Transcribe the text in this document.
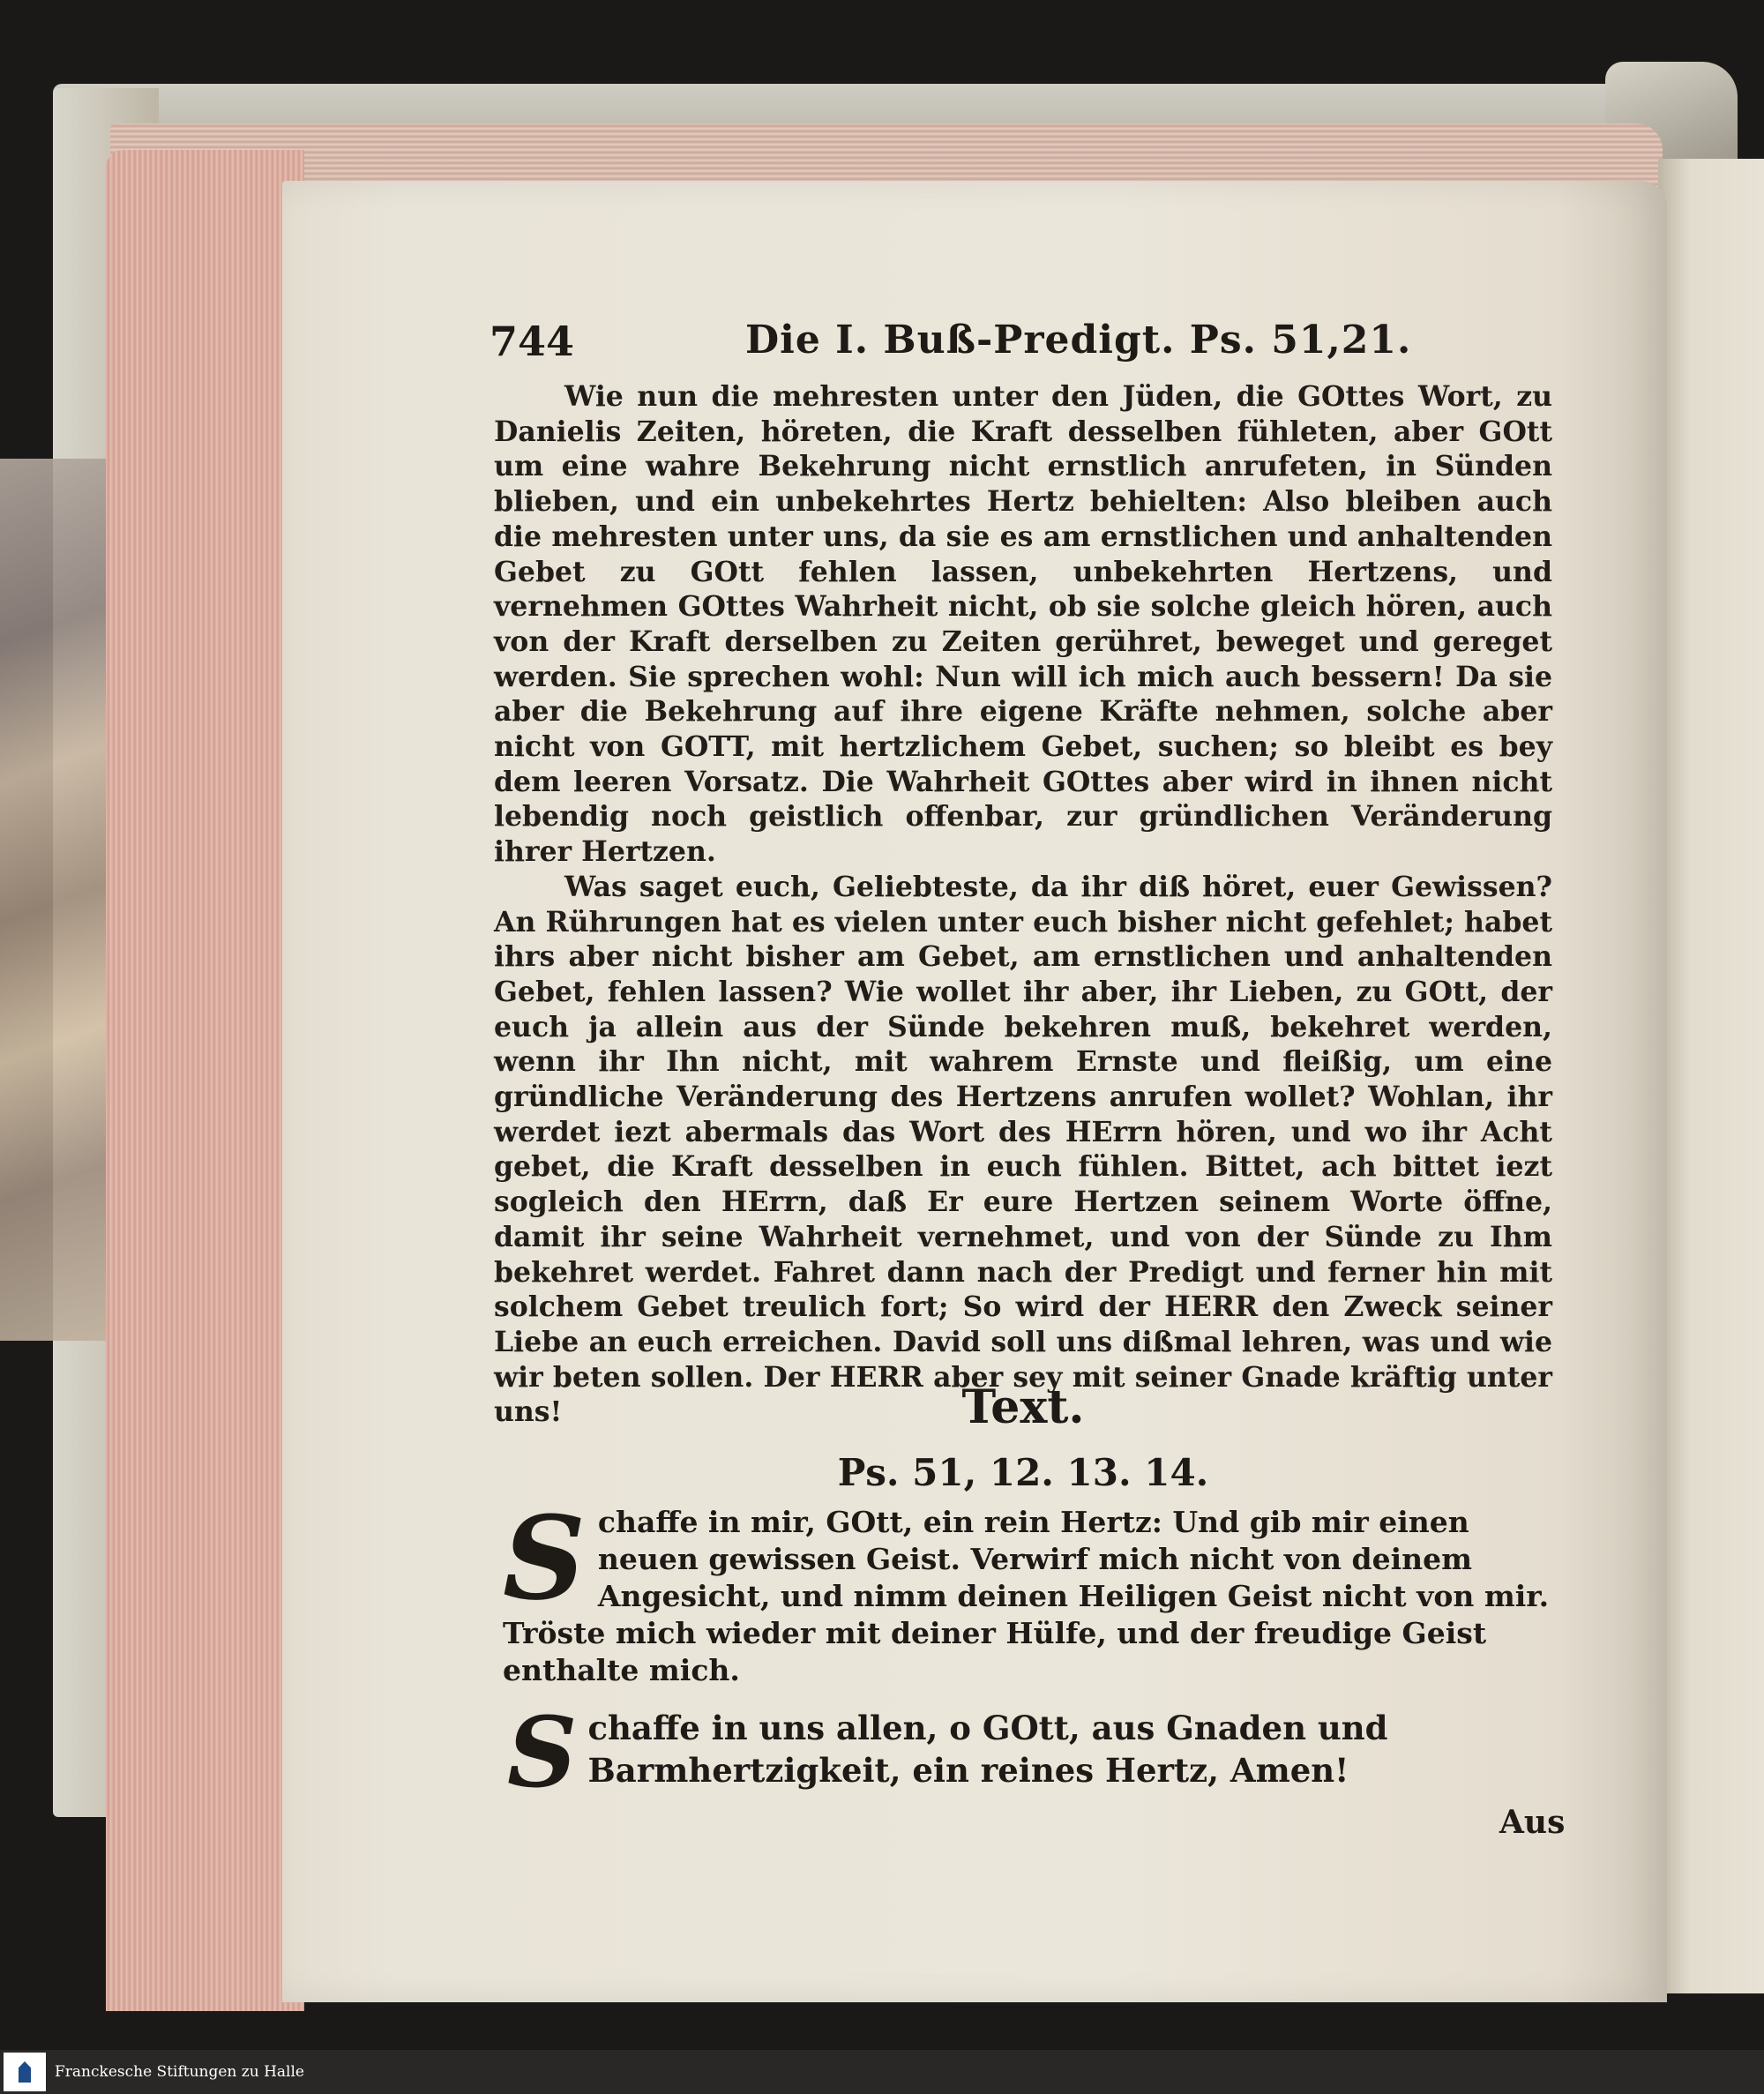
744	Die I. Buß-Predigt. Ps. 51,21.

Wie nun die mehresten unter den Jüden, die GOttes Wort, zu Danielis Zeiten, höreten, die Kraft desselben fühleten, aber GOtt um eine wahre Bekehrung nicht ernstlich anrufeten, in Sünden blieben, und ein unbekehrtes Hertz behielten: Also bleiben auch die mehresten unter uns, da sie es am ernstlichen und anhaltenden Gebet zu GOtt fehlen lassen, unbekehrten Hertzens, und vernehmen GOttes Wahrheit nicht, ob sie solche gleich hören, auch von der Kraft derselben zu Zeiten gerühret, beweget und gereget werden. Sie sprechen wohl: Nun will ich mich auch bessern! Da sie aber die Bekehrung auf ihre eigene Kräfte nehmen, solche aber nicht von GOTT, mit hertzlichem Gebet, suchen; so bleibt es bey dem leeren Vorsatz. Die Wahrheit GOttes aber wird in ihnen nicht lebendig noch geistlich offenbar, zur gründlichen Veränderung ihrer Hertzen.

Was saget euch, Geliebteste, da ihr diß höret, euer Gewissen? An Rührungen hat es vielen unter euch bisher nicht gefehlet; habet ihrs aber nicht bisher am Gebet, am ernstlichen und anhaltenden Gebet, fehlen lassen? Wie wollet ihr aber, ihr Lieben, zu GOtt, der euch ja allein aus der Sünde bekehren muß, bekehret werden, wenn ihr Ihn nicht, mit wahrem Ernste und fleißig, um eine gründliche Veränderung des Hertzens anrufen wollet? Wohlan, ihr werdet iezt abermals das Wort des HErrn hören, und wo ihr Acht gebet, die Kraft desselben in euch fühlen. Bittet, ach bittet iezt sogleich den HErrn, daß Er eure Hertzen seinem Worte öffne, damit ihr seine Wahrheit vernehmet, und von der Sünde zu Ihm bekehret werdet. Fahret dann nach der Predigt und ferner hin mit solchem Gebet treulich fort; So wird der HERR den Zweck seiner Liebe an euch erreichen. David soll uns dißmal lehren, was und wie wir beten sollen. Der HERR aber sey mit seiner Gnade kräftig unter uns!	Text.
Ps. 51, 12. 13. 14.
S chaffe in mir, GOtt, ein rein Hertz: Und gib mir einen neuen gewissen Geist. Verwirf mich nicht von deinem Angesicht, und nimm deinen Heiligen Geist nicht von mir. Tröste mich wieder mit deiner Hülfe, und der freudige Geist enthalte mich.
S chaffe in uns allen, o GOtt, aus Gnaden und Barmhertzigkeit, ein reines Hertz, Amen!
Aus
Franckesche Stiftungen zu Halle
